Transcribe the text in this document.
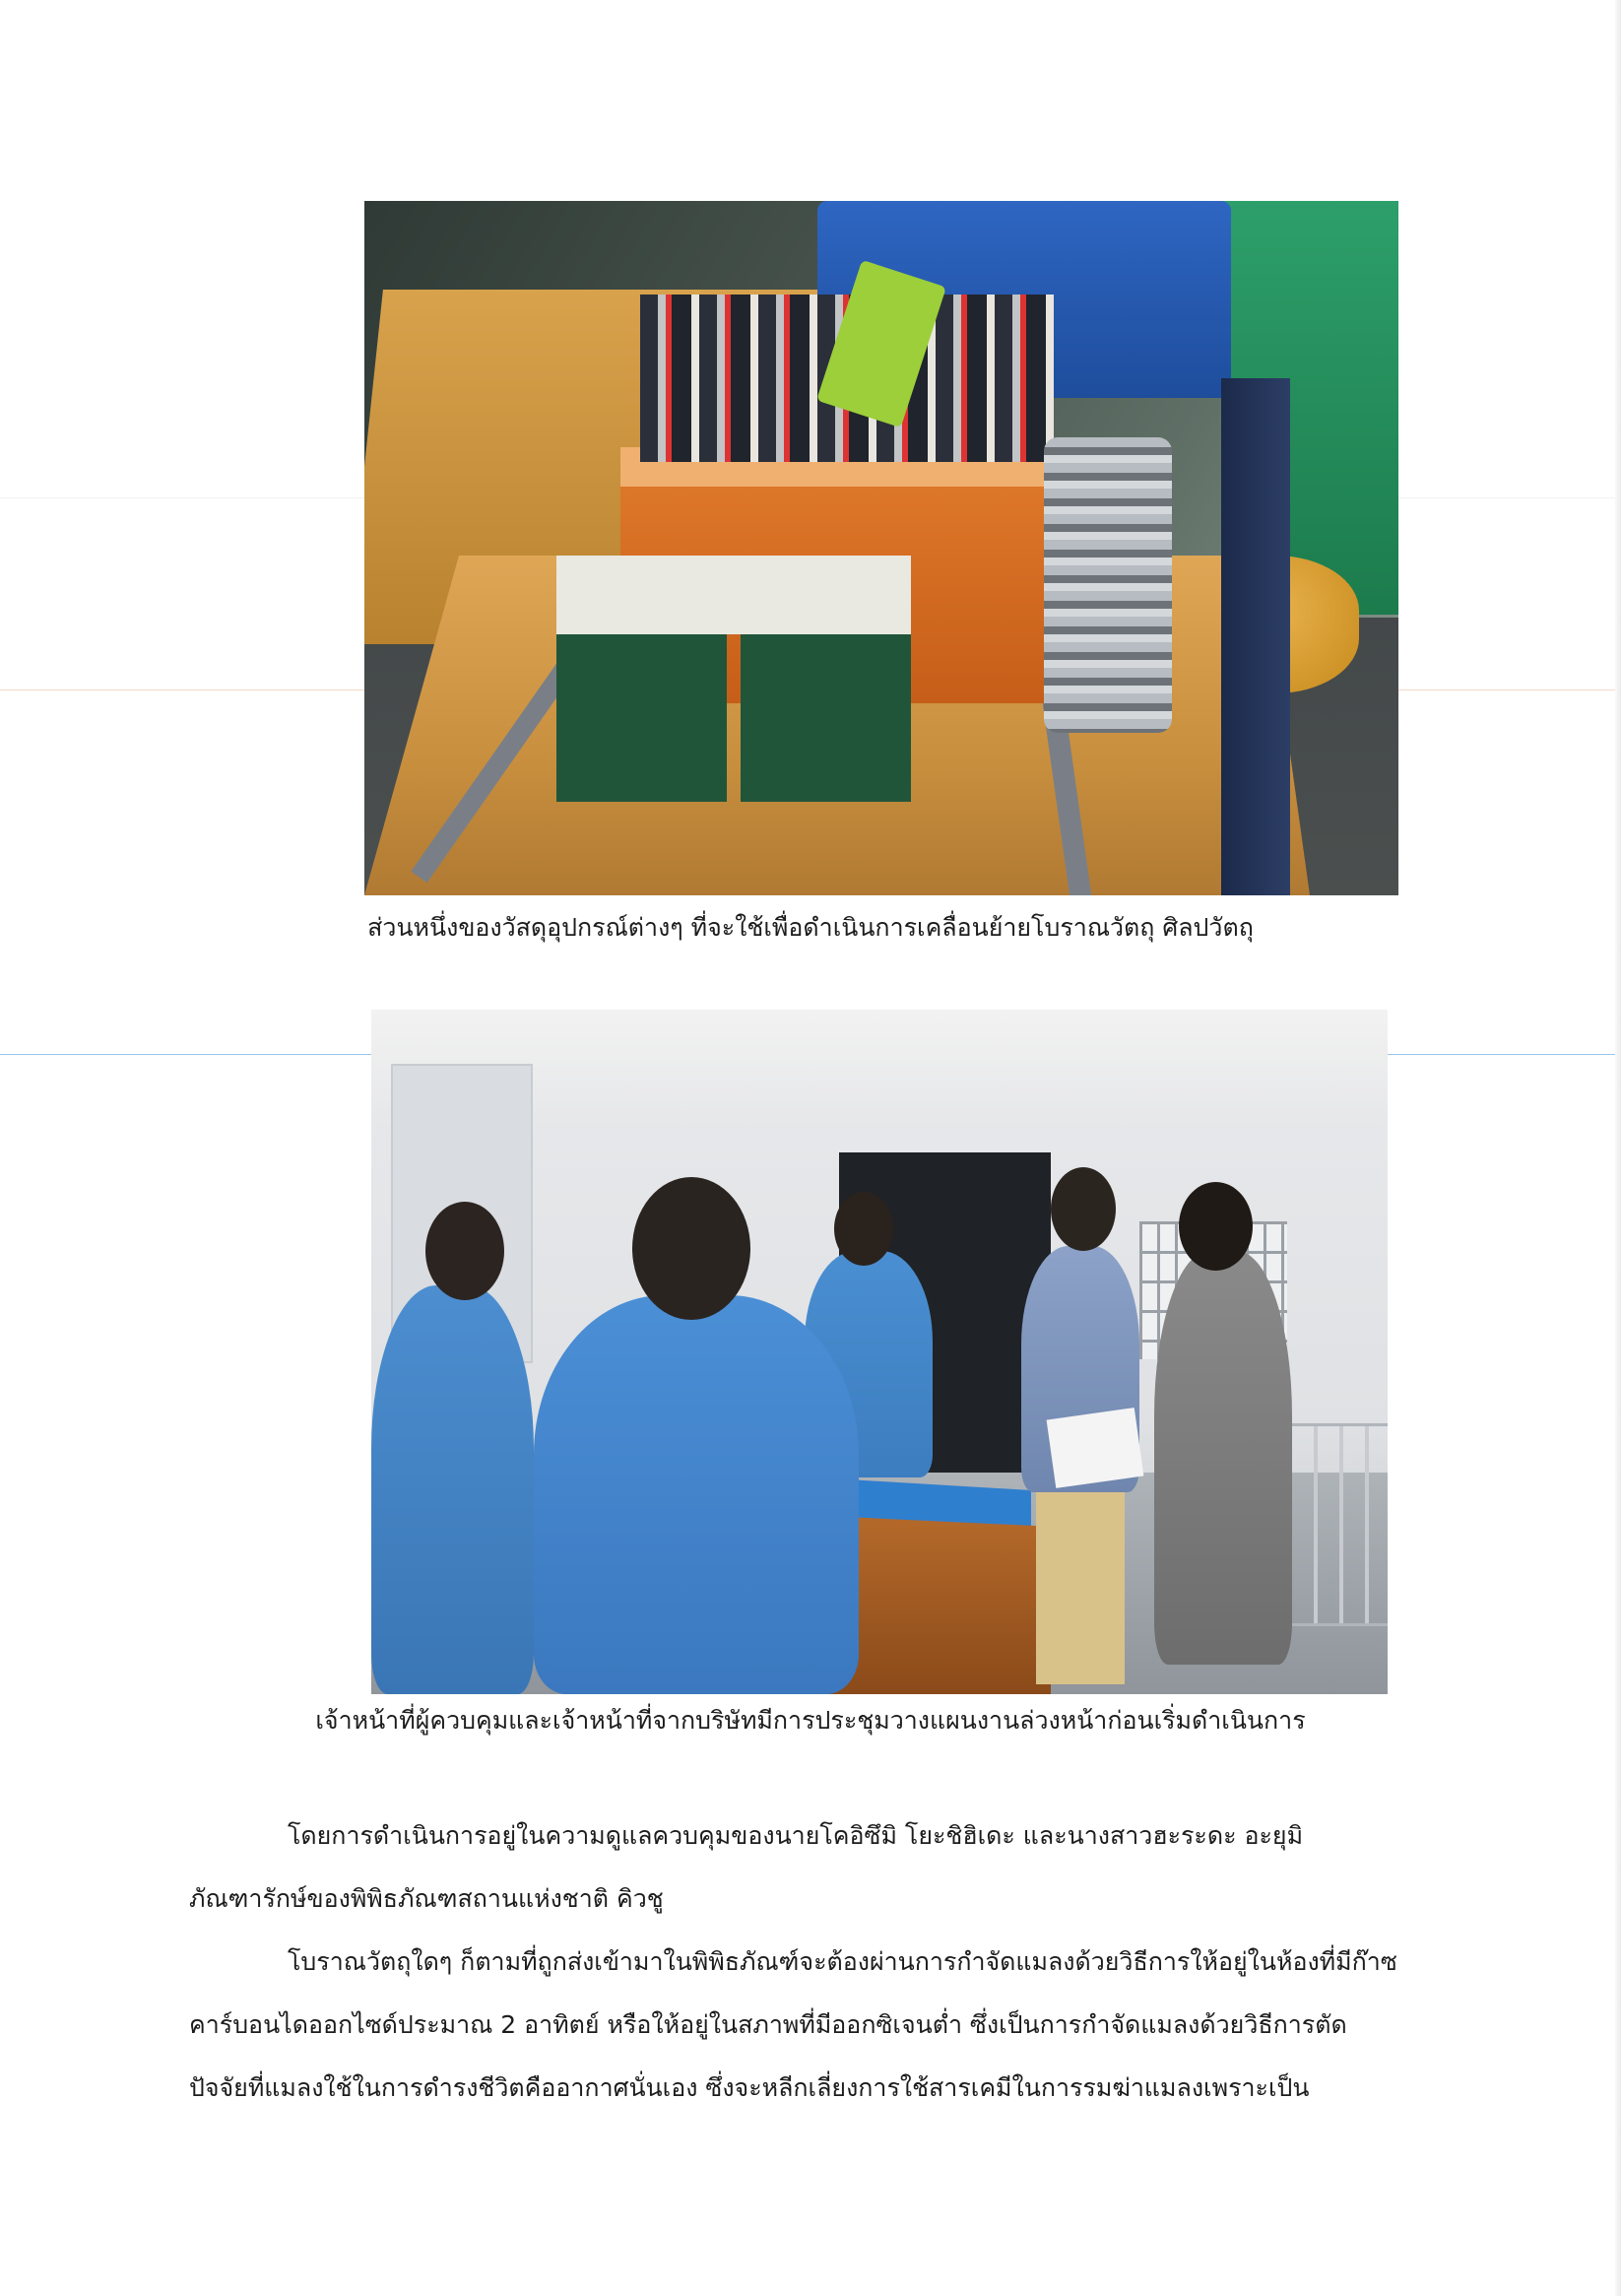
ส่วนหนึ่งของวัสดุอุปกรณ์ต่างๆ ที่จะใช้เพื่อดำเนินการเคลื่อนย้ายโบราณวัตถุ ศิลปวัตถุ
เจ้าหน้าที่ผู้ควบคุมและเจ้าหน้าที่จากบริษัทมีการประชุมวางแผนงานล่วงหน้าก่อนเริ่มดำเนินการ

โดยการดำเนินการอยู่ในความดูแลควบคุมของนายโคอิซึมิ โยะชิฮิเดะ และนางสาวฮะระดะ อะยุมิ
ภัณฑารักษ์ของพิพิธภัณฑสถานแห่งชาติ คิวชู

โบราณวัตถุใดๆ ก็ตามที่ถูกส่งเข้ามาในพิพิธภัณฑ์จะต้องผ่านการกำจัดแมลงด้วยวิธีการให้อยู่ในห้องที่มีก๊าซ
คาร์บอนไดออกไซด์ประมาณ 2 อาทิตย์ หรือให้อยู่ในสภาพที่มีออกซิเจนต่ำ ซึ่งเป็นการกำจัดแมลงด้วยวิธีการตัด
ปัจจัยที่แมลงใช้ในการดำรงชีวิตคืออากาศนั่นเอง ซึ่งจะหลีกเลี่ยงการใช้สารเคมีในการรมฆ่าแมลงเพราะเป็น
